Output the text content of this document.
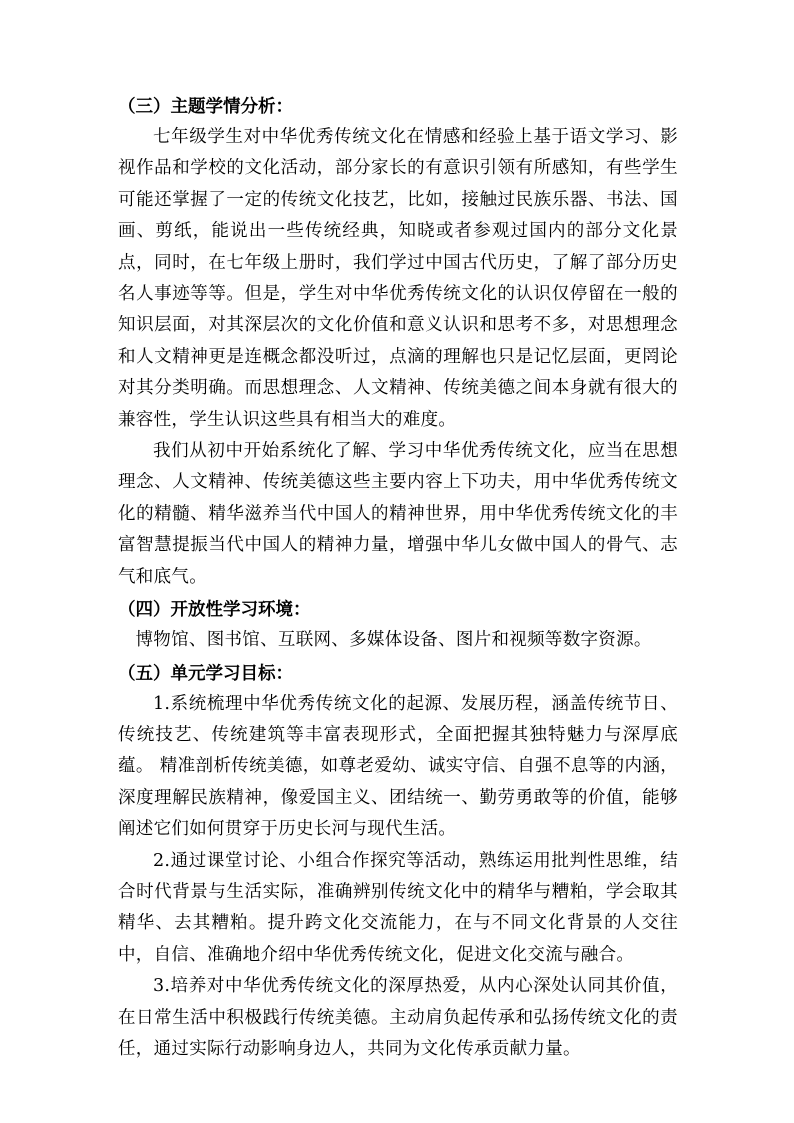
（三）主题学情分析：

七年级学生对中华优秀传统文化在情感和经验上基于语文学习、影视作品和学校的文化活动，部分家长的有意识引领有所感知，有些学生可能还掌握了一定的传统文化技艺，比如，接触过民族乐器、书法、国画、剪纸，能说出一些传统经典，知晓或者参观过国内的部分文化景点，同时，在七年级上册时，我们学过中国古代历史，了解了部分历史名人事迹等等。但是，学生对中华优秀传统文化的认识仅停留在一般的知识层面，对其深层次的文化价值和意义认识和思考不多，对思想理念和人文精神更是连概念都没听过，点滴的理解也只是记忆层面，更罔论对其分类明确。而思想理念、人文精神、传统美德之间本身就有很大的兼容性，学生认识这些具有相当大的难度。

我们从初中开始系统化了解、学习中华优秀传统文化，应当在思想理念、人文精神、传统美德这些主要内容上下功夫，用中华优秀传统文化的精髓、精华滋养当代中国人的精神世界，用中华优秀传统文化的丰富智慧提振当代中国人的精神力量，增强中华儿女做中国人的骨气、志气和底气。

（四）开放性学习环境：

博物馆、图书馆、互联网、多媒体设备、图片和视频等数字资源。

（五）单元学习目标：

1.系统梳理中华优秀传统文化的起源、发展历程，涵盖传统节日、传统技艺、传统建筑等丰富表现形式，全面把握其独特魅力与深厚底蕴。 精准剖析传统美德，如尊老爱幼、诚实守信、自强不息等的内涵，深度理解民族精神，像爱国主义、团结统一、勤劳勇敢等的价值，能够阐述它们如何贯穿于历史长河与现代生活。

2.通过课堂讨论、小组合作探究等活动，熟练运用批判性思维，结合时代背景与生活实际，准确辨别传统文化中的精华与糟粕，学会取其精华、去其糟粕。提升跨文化交流能力，在与不同文化背景的人交往中，自信、准确地介绍中华优秀传统文化，促进文化交流与融合。

3.培养对中华优秀传统文化的深厚热爱，从内心深处认同其价值，在日常生活中积极践行传统美德。主动肩负起传承和弘扬传统文化的责任，通过实际行动影响身边人，共同为文化传承贡献力量。
